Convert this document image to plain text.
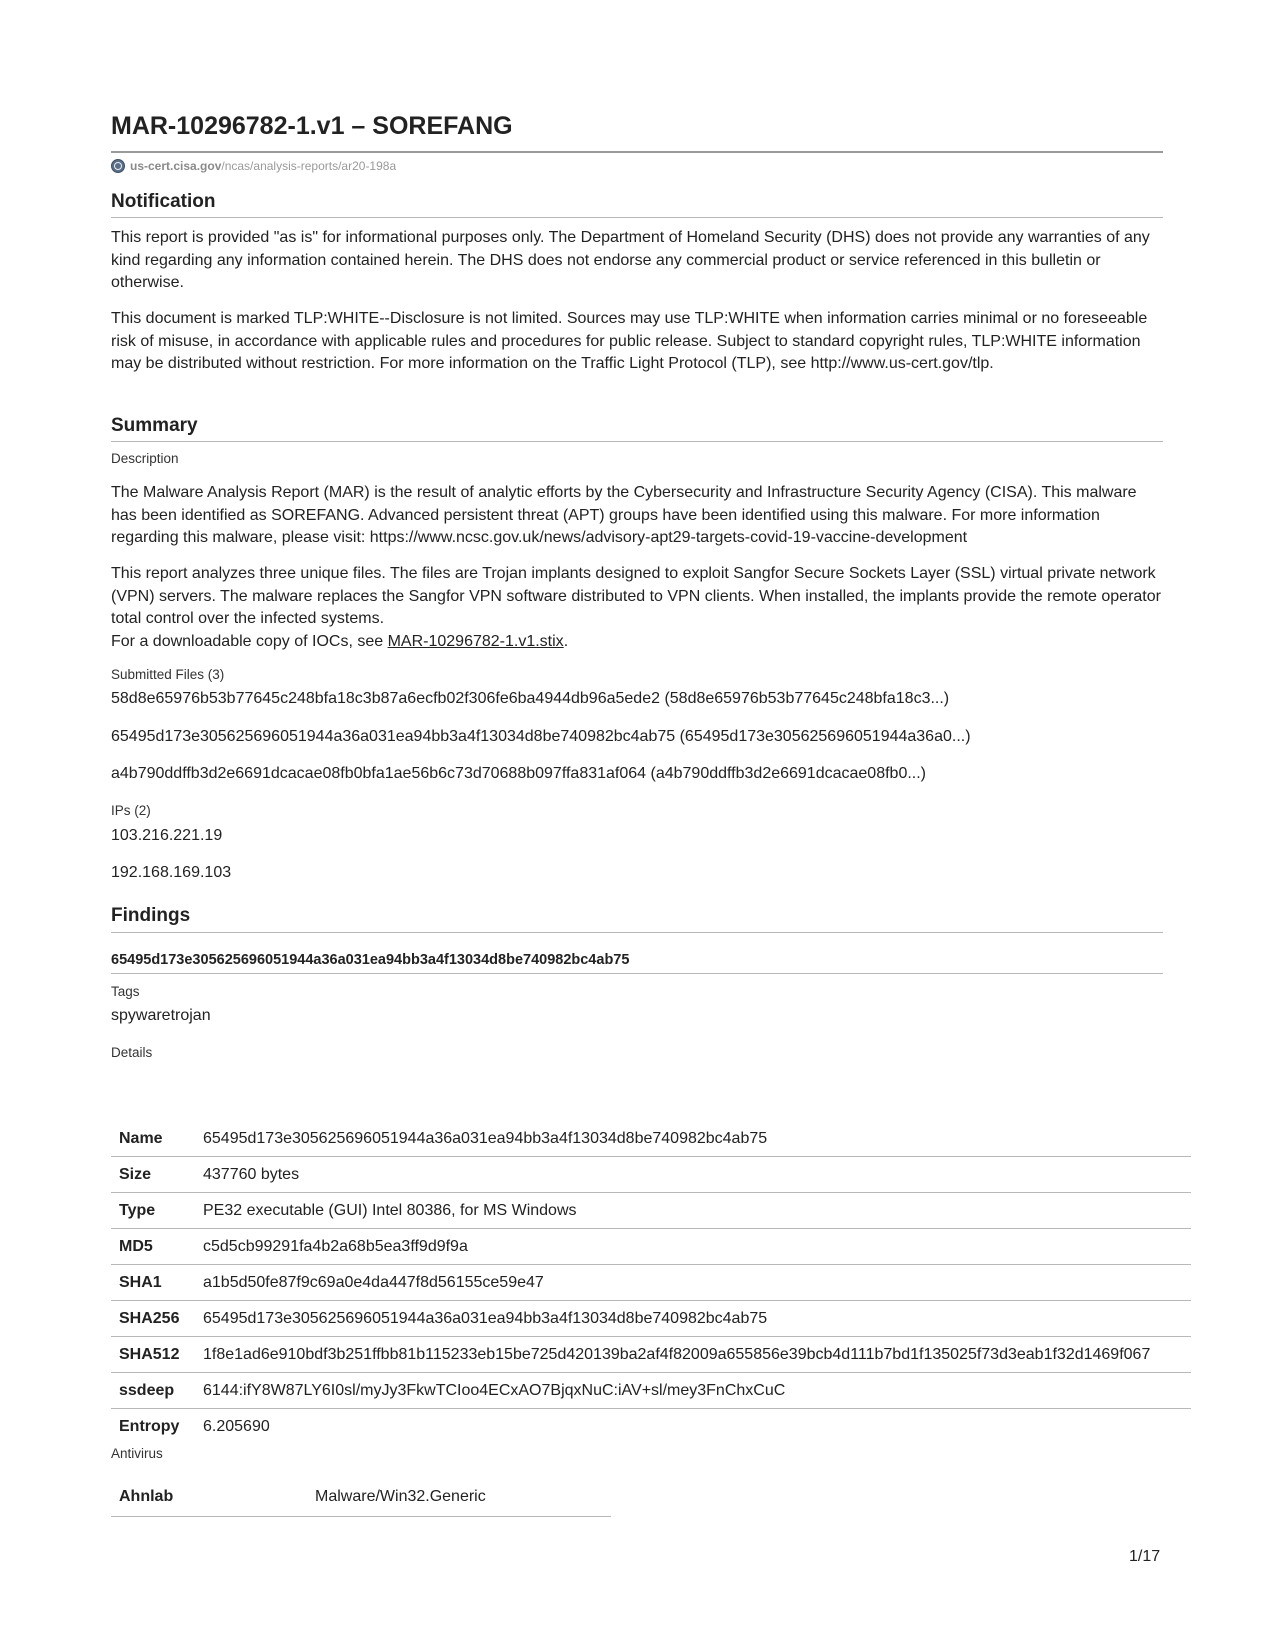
MAR-10296782-1.v1 – SOREFANG
us-cert.cisa.gov/ncas/analysis-reports/ar20-198a
Notification

This report is provided "as is" for informational purposes only. The Department of Homeland Security (DHS) does not provide any warranties of any kind regarding any information contained herein. The DHS does not endorse any commercial product or service referenced in this bulletin or otherwise.

This document is marked TLP:WHITE--Disclosure is not limited. Sources may use TLP:WHITE when information carries minimal or no foreseeable risk of misuse, in accordance with applicable rules and procedures for public release. Subject to standard copyright rules, TLP:WHITE information may be distributed without restriction. For more information on the Traffic Light Protocol (TLP), see http://www.us-cert.gov/tlp.

Summary

Description

The Malware Analysis Report (MAR) is the result of analytic efforts by the Cybersecurity and Infrastructure Security Agency (CISA). This malware has been identified as SOREFANG. Advanced persistent threat (APT) groups have been identified using this malware. For more information regarding this malware, please visit: https://www.ncsc.gov.uk/news/advisory-apt29-targets-covid-19-vaccine-development

This report analyzes three unique files. The files are Trojan implants designed to exploit Sangfor Secure Sockets Layer (SSL) virtual private network (VPN) servers. The malware replaces the Sangfor VPN software distributed to VPN clients. When installed, the implants provide the remote operator total control over the infected systems.
For a downloadable copy of IOCs, see MAR-10296782-1.v1.stix.

Submitted Files (3)

58d8e65976b53b77645c248bfa18c3b87a6ecfb02f306fe6ba4944db96a5ede2 (58d8e65976b53b77645c248bfa18c3...)

65495d173e305625696051944a36a031ea94bb3a4f13034d8be740982bc4ab75 (65495d173e305625696051944a36a0...)

a4b790ddffb3d2e6691dcacae08fb0bfa1ae56b6c73d70688b097ffa831af064 (a4b790ddffb3d2e6691dcacae08fb0...)

IPs (2)

103.216.221.19

192.168.169.103

Findings

65495d173e305625696051944a36a031ea94bb3a4f13034d8be740982bc4ab75

Tags

spywaretrojan

Details

Name	65495d173e305625696051944a36a031ea94bb3a4f13034d8be740982bc4ab75
Size	437760 bytes
Type	PE32 executable (GUI) Intel 80386, for MS Windows
MD5	c5d5cb99291fa4b2a68b5ea3ff9d9f9a
SHA1	a1b5d50fe87f9c69a0e4da447f8d56155ce59e47
SHA256	65495d173e305625696051944a36a031ea94bb3a4f13034d8be740982bc4ab75
SHA512	1f8e1ad6e910bdf3b251ffbb81b115233eb15be725d420139ba2af4f82009a655856e39bcb4d111b7bd1f135025f73d3eab1f32d1469f067
ssdeep	6144:ifY8W87LY6I0sl/myJy3FkwTCIoo4ECxAO7BjqxNuC:iAV+sl/mey3FnChxCuC
Entropy	6.205690

Antivirus

Ahnlab	Malware/Win32.Generic
1/17
